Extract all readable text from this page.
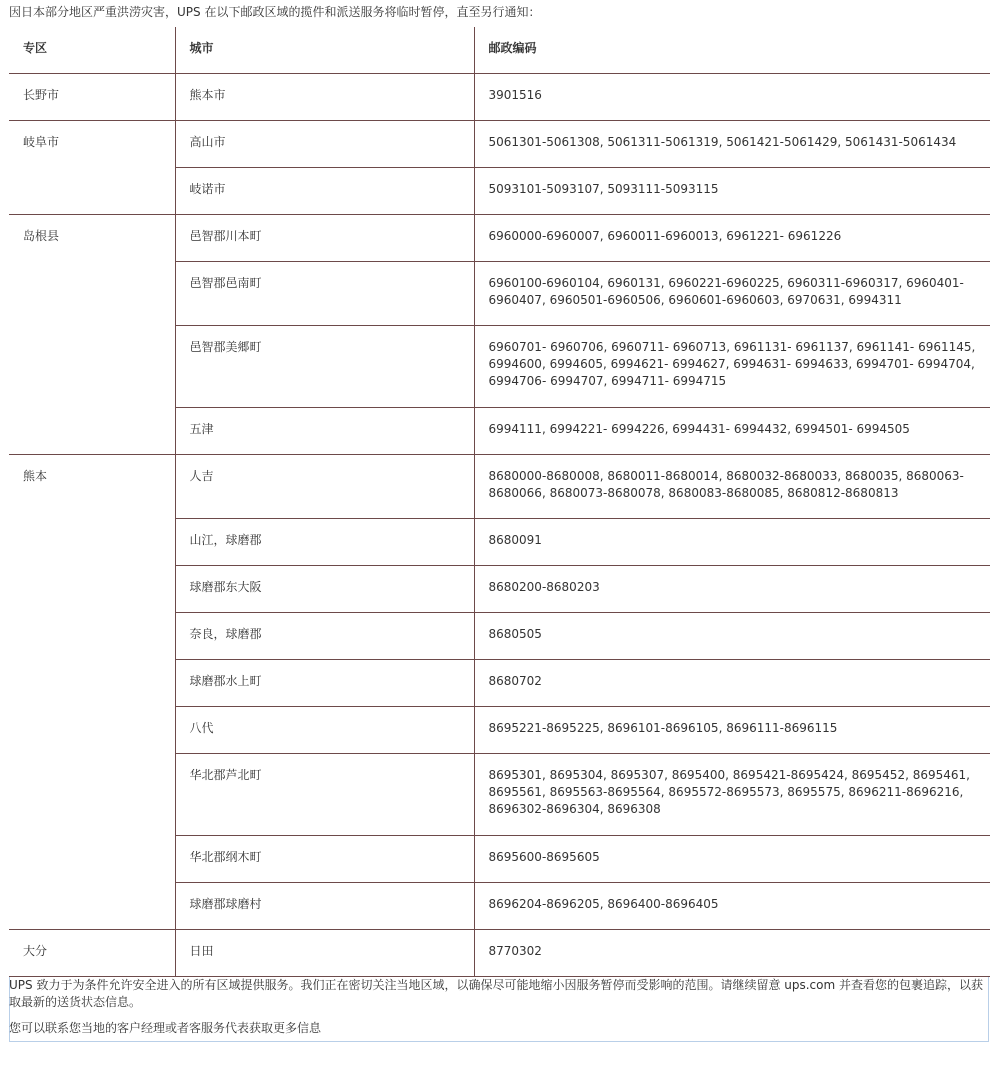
因日本部分地区严重洪涝灾害，UPS 在以下邮政区域的揽件和派送服务将临时暂停，直至另行通知：

专区	城市	邮政编码
长野市	熊本市	3901516
岐阜市	高山市	5061301-5061308, 5061311-5061319, 5061421-5061429, 5061431-5061434
	岐诺市	5093101-5093107, 5093111-5093115
岛根县	邑智郡川本町	6960000-6960007, 6960011-6960013, 6961221- 6961226
	邑智郡邑南町	6960100-6960104, 6960131, 6960221-6960225, 6960311-6960317, 6960401-6960407, 6960501-6960506, 6960601-6960603, 6970631, 6994311
	邑智郡美郷町	6960701- 6960706, 6960711- 6960713, 6961131- 6961137, 6961141- 6961145, 6994600, 6994605, 6994621- 6994627, 6994631- 6994633, 6994701- 6994704, 6994706- 6994707, 6994711- 6994715
	五津	6994111, 6994221- 6994226, 6994431- 6994432, 6994501- 6994505
熊本	人吉	8680000-8680008, 8680011-8680014, 8680032-8680033, 8680035, 8680063-8680066, 8680073-8680078, 8680083-8680085, 8680812-8680813
	山江，球磨郡	8680091
	球磨郡东大阪	8680200-8680203
	奈良，球磨郡	8680505
	球磨郡水上町	8680702
	八代	8695221-8695225, 8696101-8696105, 8696111-8696115
	华北郡芦北町	8695301, 8695304, 8695307, 8695400, 8695421-8695424, 8695452, 8695461, 8695561, 8695563-8695564, 8695572-8695573, 8695575, 8696211-8696216, 8696302-8696304, 8696308
	华北郡纲木町	8695600-8695605
	球磨郡球磨村	8696204-8696205, 8696400-8696405
大分	日田	8770302

UPS 致力于为条件允许安全进入的所有区域提供服务。我们正在密切关注当地区域，以确保尽可能地缩小因服务暂停而受影响的范围。请继续留意 ups.com 并查看您的包裹追踪，以获取最新的送货状态信息。

您可以联系您当地的客户经理或者客服务代表获取更多信息
